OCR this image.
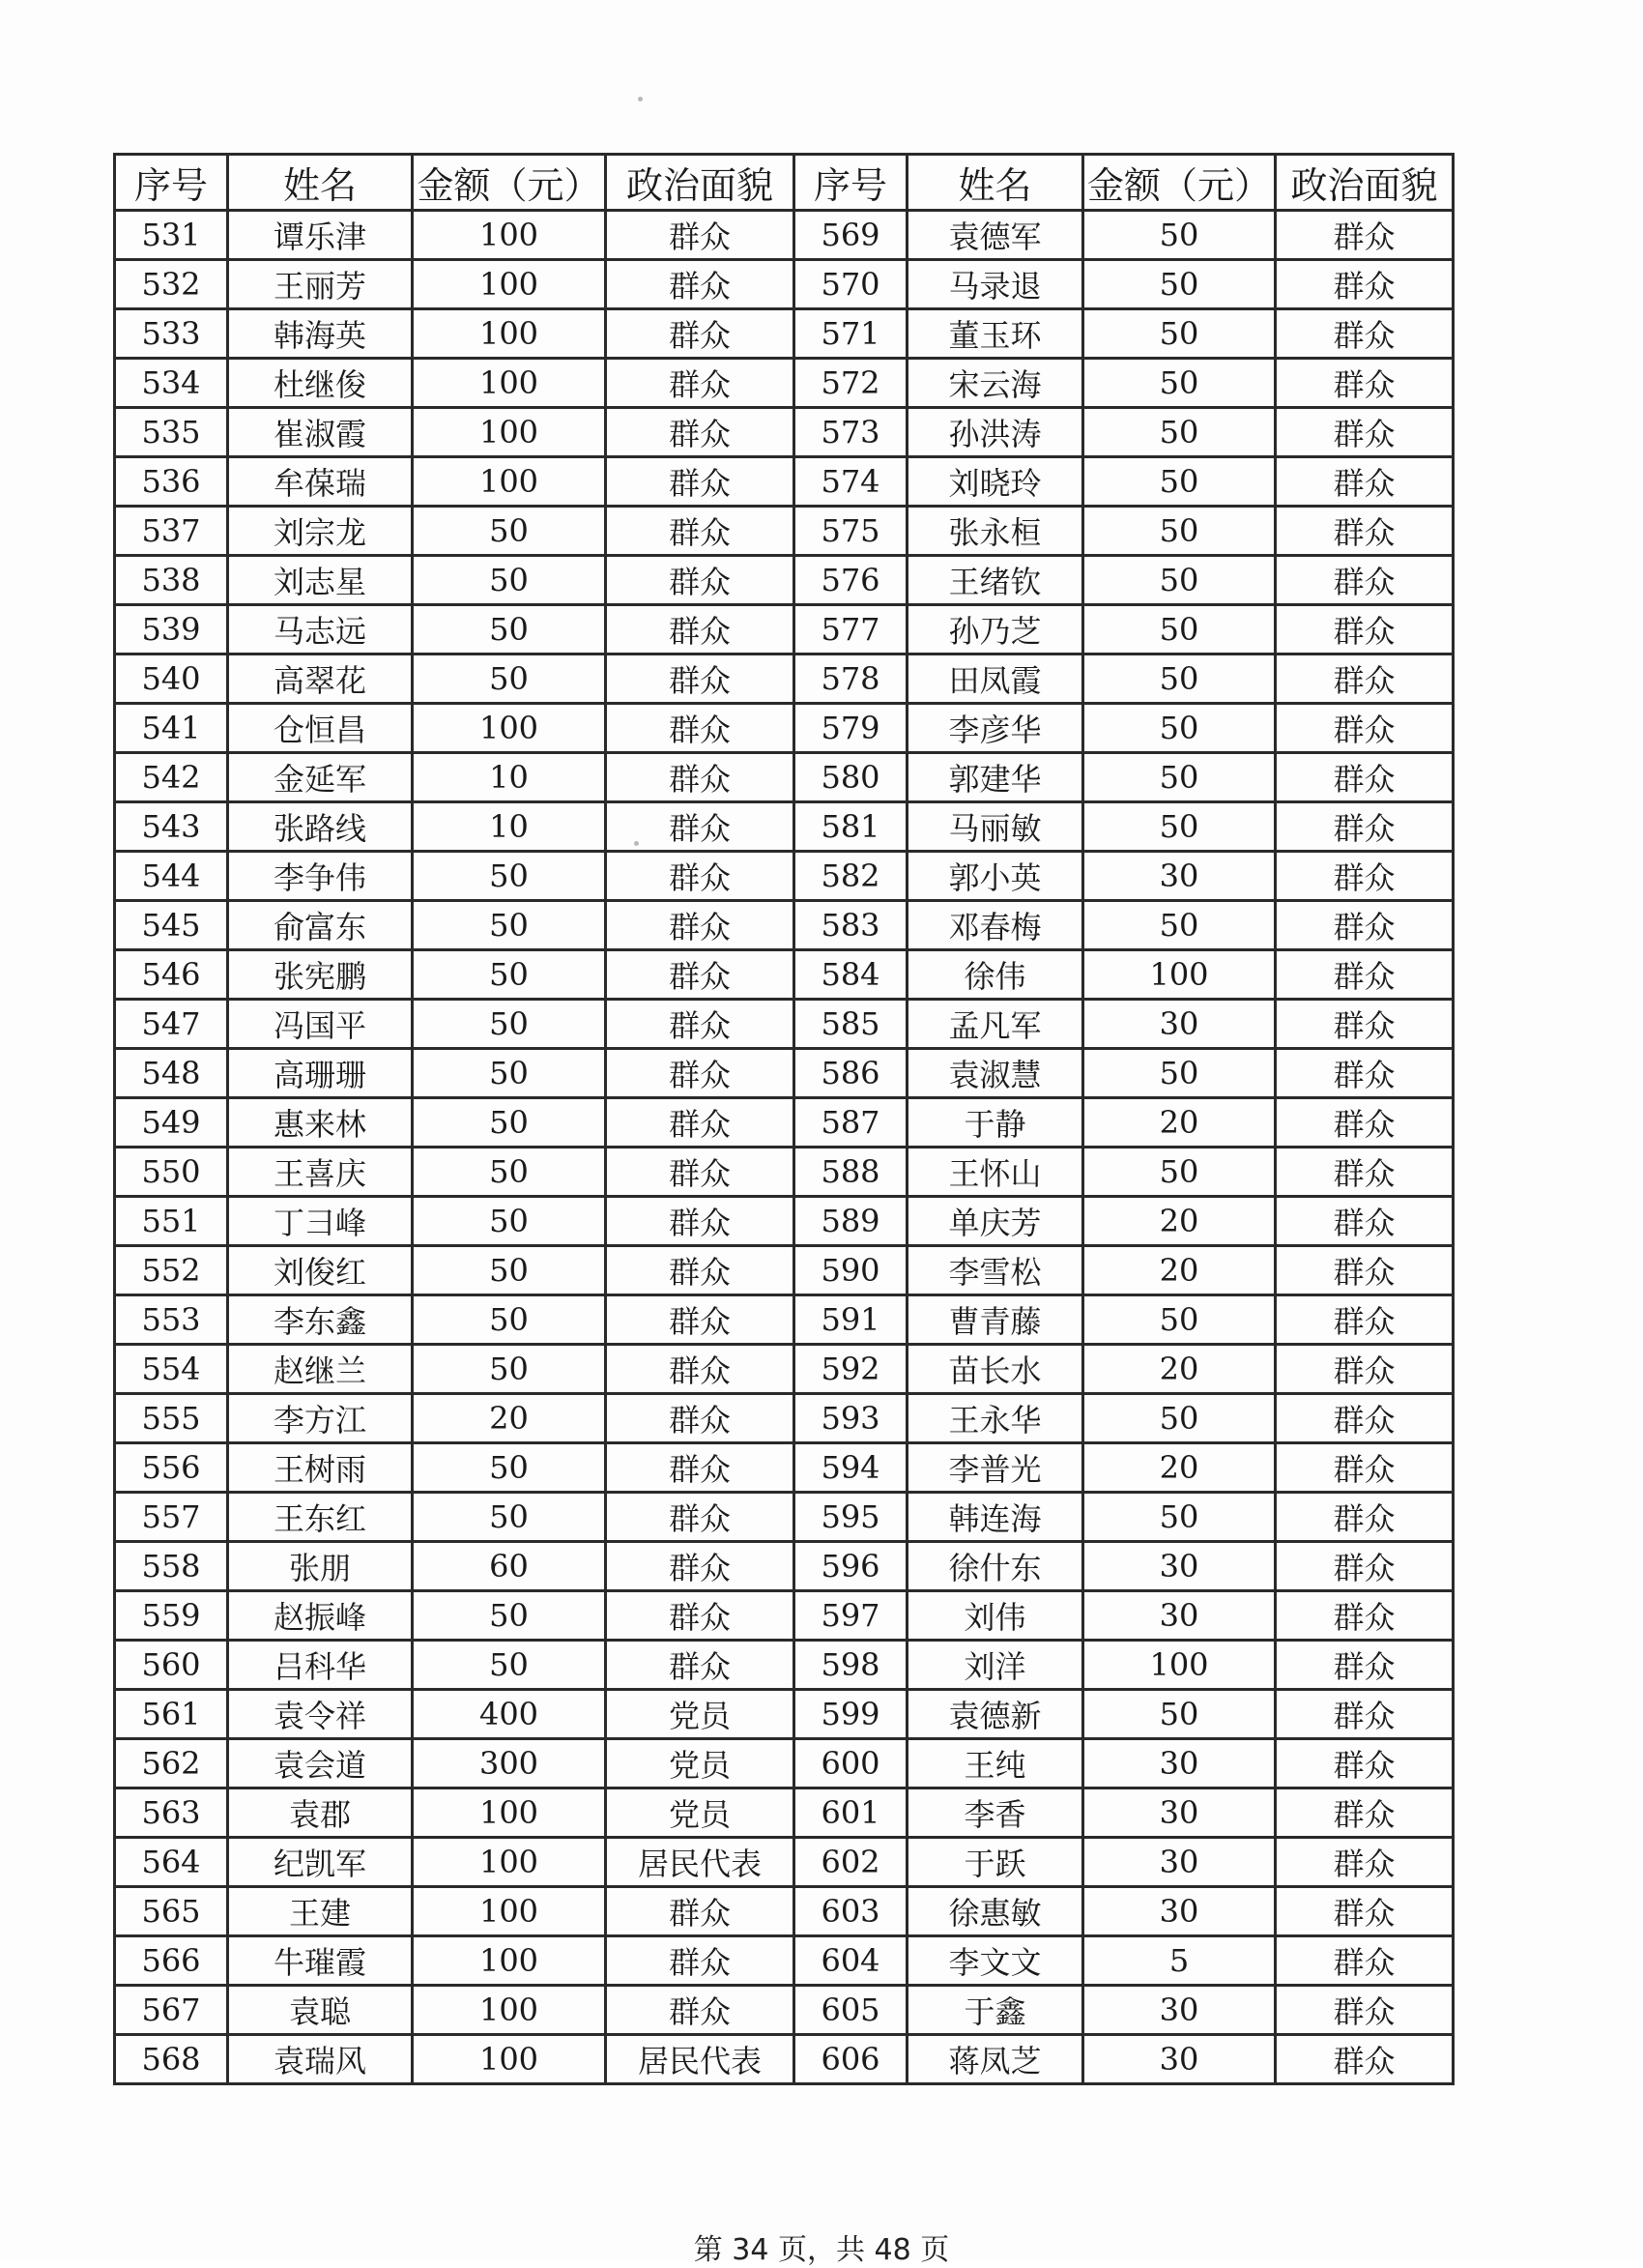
序号	姓名	金额（元）	政治面貌	序号	姓名	金额（元）	政治面貌
531	谭乐津	100	群众	569	袁德军	50	群众
532	王丽芳	100	群众	570	马录退	50	群众
533	韩海英	100	群众	571	董玉环	50	群众
534	杜继俊	100	群众	572	宋云海	50	群众
535	崔淑霞	100	群众	573	孙洪涛	50	群众
536	牟葆瑞	100	群众	574	刘晓玲	50	群众
537	刘宗龙	50	群众	575	张永桓	50	群众
538	刘志星	50	群众	576	王绪钦	50	群众
539	马志远	50	群众	577	孙乃芝	50	群众
540	高翠花	50	群众	578	田凤霞	50	群众
541	仓恒昌	100	群众	579	李彦华	50	群众
542	金延军	10	群众	580	郭建华	50	群众
543	张路线	10	群众	581	马丽敏	50	群众
544	李争伟	50	群众	582	郭小英	30	群众
545	俞富东	50	群众	583	邓春梅	50	群众
546	张宪鹏	50	群众	584	徐伟	100	群众
547	冯国平	50	群众	585	孟凡军	30	群众
548	高珊珊	50	群众	586	袁淑慧	50	群众
549	惠来林	50	群众	587	于静	20	群众
550	王喜庆	50	群众	588	王怀山	50	群众
551	丁彐峰	50	群众	589	单庆芳	20	群众
552	刘俊红	50	群众	590	李雪松	20	群众
553	李东鑫	50	群众	591	曹青藤	50	群众
554	赵继兰	50	群众	592	苗长水	20	群众
555	李方江	20	群众	593	王永华	50	群众
556	王树雨	50	群众	594	李普光	20	群众
557	王东红	50	群众	595	韩连海	50	群众
558	张朋	60	群众	596	徐什东	30	群众
559	赵振峰	50	群众	597	刘伟	30	群众
560	吕科华	50	群众	598	刘洋	100	群众
561	袁令祥	400	党员	599	袁德新	50	群众
562	袁会道	300	党员	600	王纯	30	群众
563	袁郡	100	党员	601	李香	30	群众
564	纪凯军	100	居民代表	602	于跃	30	群众
565	王建	100	群众	603	徐惠敏	30	群众
566	牛璀霞	100	群众	604	李文文	5	群众
567	袁聪	100	群众	605	于鑫	30	群众
568	袁瑞风	100	居民代表	606	蒋凤芝	30	群众
第 34 页，共 48 页
